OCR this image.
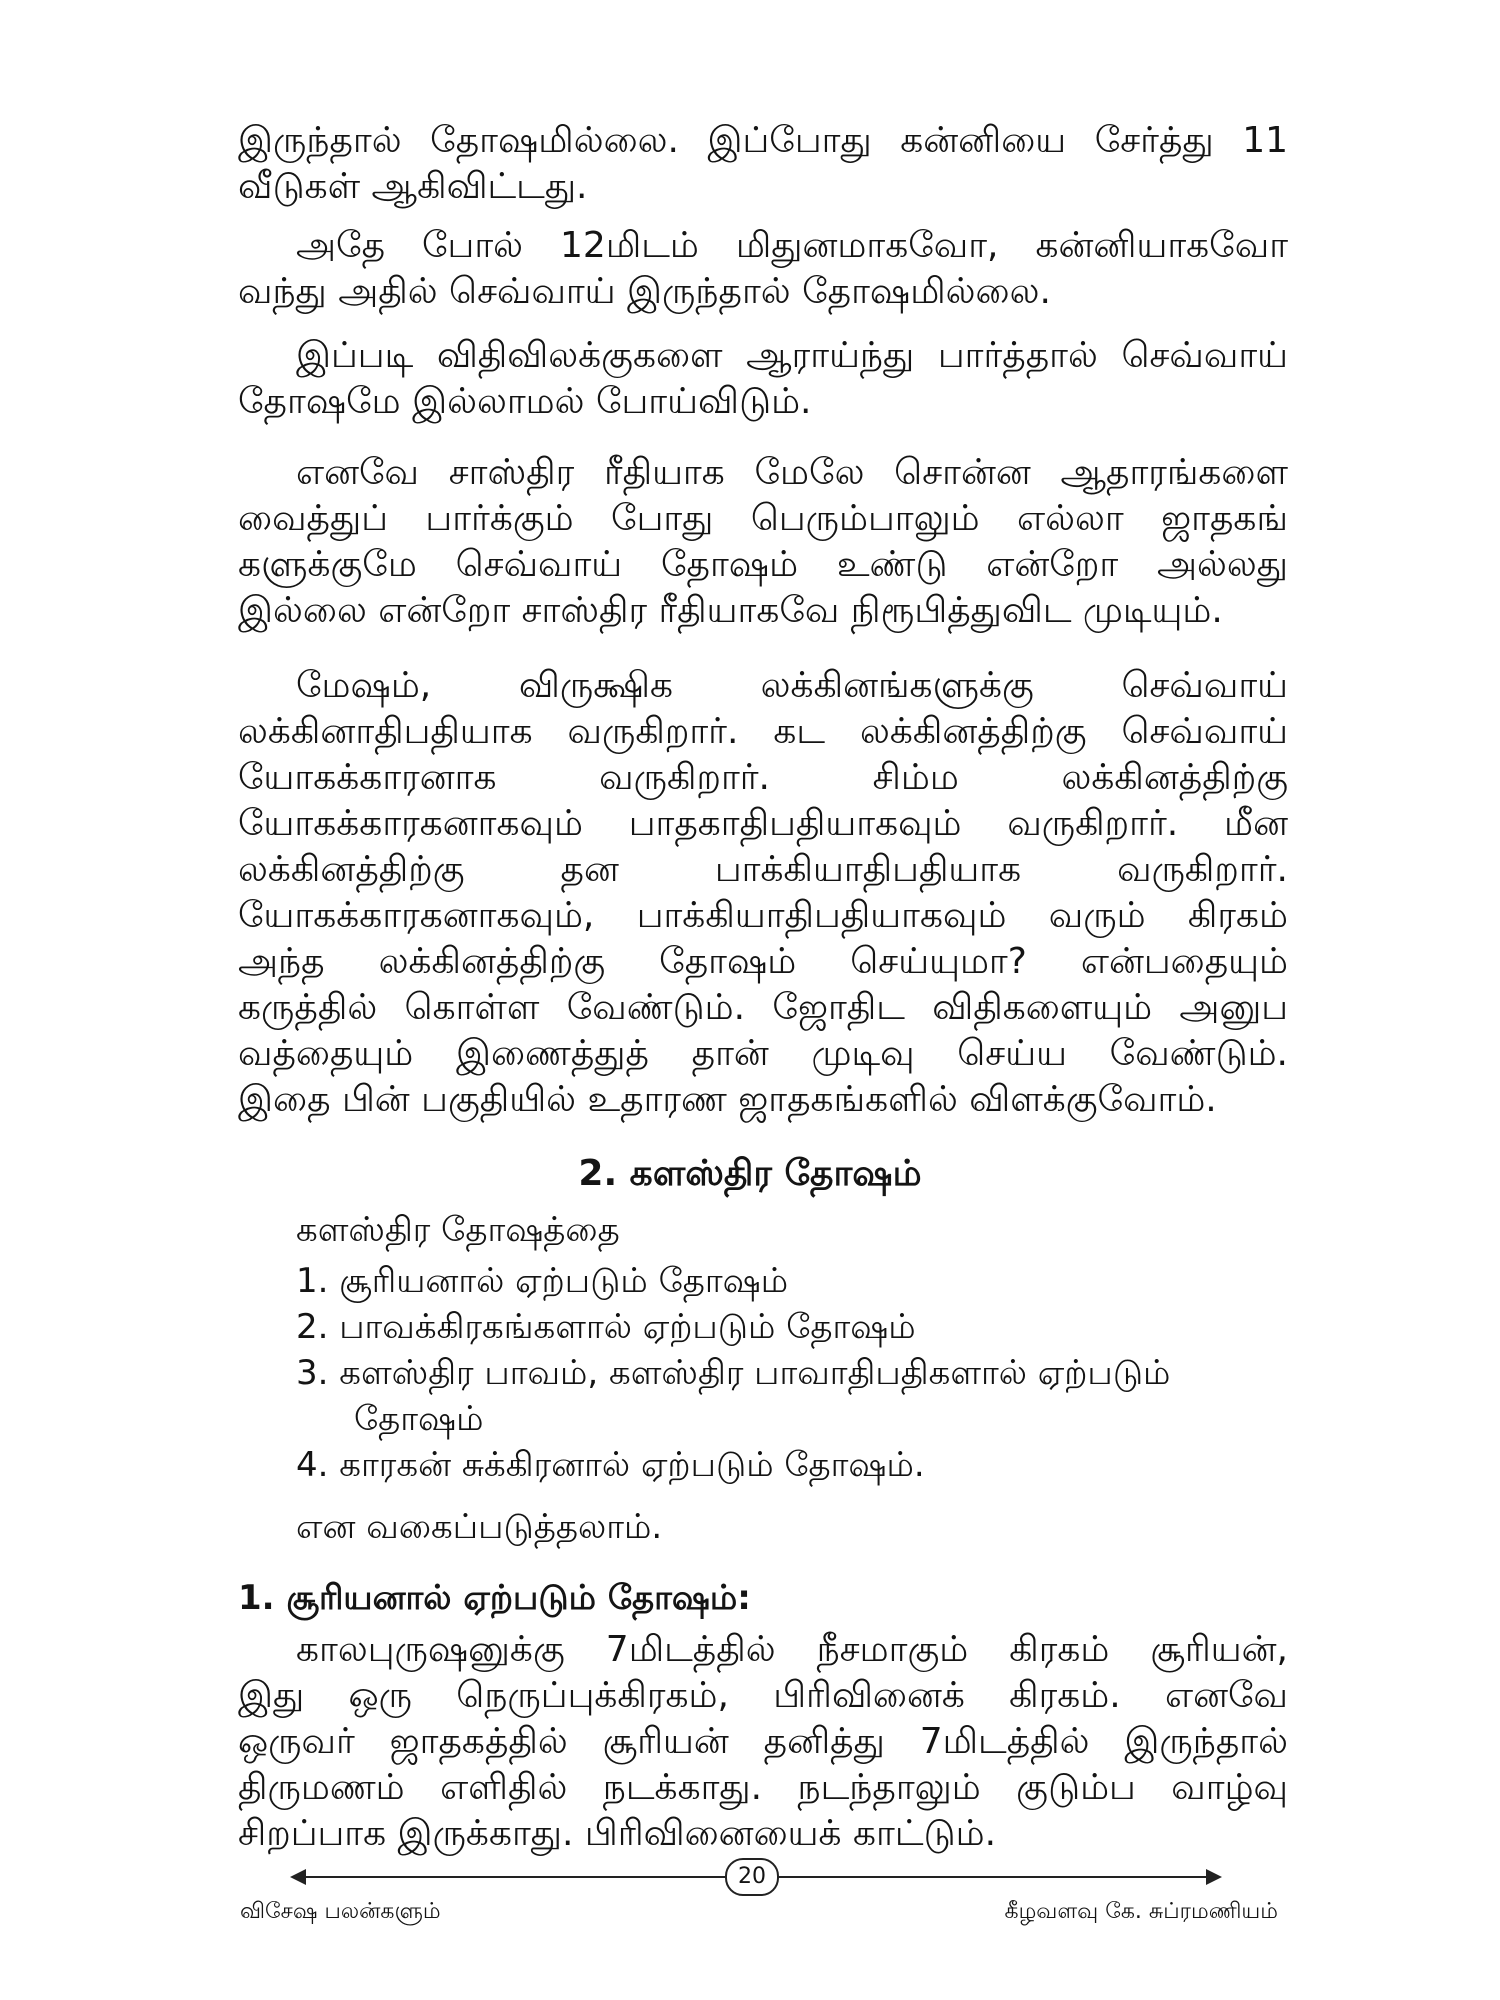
இருந்தால் தோஷமில்லை. இப்போது கன்னியை சேர்த்து 11
வீடுகள் ஆகிவிட்டது.
அதே போல் 12மிடம் மிதுனமாகவோ, கன்னியாகவோ
வந்து அதில் செவ்வாய் இருந்தால் தோஷமில்லை.
இப்படி விதிவிலக்குகளை ஆராய்ந்து பார்த்தால் செவ்வாய்
தோஷமே இல்லாமல் போய்விடும்.
எனவே சாஸ்திர ரீதியாக மேலே சொன்ன ஆதாரங்களை
வைத்துப் பார்க்கும் போது பெரும்பாலும் எல்லா ஜாதகங்
களுக்குமே செவ்வாய் தோஷம் உண்டு என்றோ அல்லது
இல்லை என்றோ சாஸ்திர ரீதியாகவே நிரூபித்துவிட முடியும்.
மேஷம், விருக்ஷிக லக்கினங்களுக்கு செவ்வாய்
லக்கினாதிபதியாக வருகிறார். கட லக்கினத்திற்கு செவ்வாய்
யோகக்காரனாக வருகிறார். சிம்ம லக்கினத்திற்கு
யோகக்காரகனாகவும் பாதகாதிபதியாகவும் வருகிறார். மீன
லக்கினத்திற்கு தன பாக்கியாதிபதியாக வருகிறார்.
யோகக்காரகனாகவும், பாக்கியாதிபதியாகவும் வரும் கிரகம்
அந்த லக்கினத்திற்கு தோஷம் செய்யுமா? என்பதையும்
கருத்தில் கொள்ள வேண்டும். ஜோதிட விதிகளையும் அனுப
வத்தையும் இணைத்துத் தான் முடிவு செய்ய வேண்டும்.
இதை பின் பகுதியில் உதாரண ஜாதகங்களில் விளக்குவோம்.
2. களஸ்திர தோஷம்
களஸ்திர தோஷத்தை
1. சூரியனால் ஏற்படும் தோஷம்
2. பாவக்கிரகங்களால் ஏற்படும் தோஷம்
3. களஸ்திர பாவம், களஸ்திர பாவாதிபதிகளால் ஏற்படும்
தோஷம்
4. காரகன் சுக்கிரனால் ஏற்படும் தோஷம்.
என வகைப்படுத்தலாம்.
1. சூரியனால் ஏற்படும் தோஷம்:
காலபுருஷனுக்கு 7மிடத்தில் நீசமாகும் கிரகம் சூரியன்,
இது ஒரு நெருப்புக்கிரகம், பிரிவினைக் கிரகம். எனவே
ஒருவர் ஜாதகத்தில் சூரியன் தனித்து 7மிடத்தில் இருந்தால்
திருமணம் எளிதில் நடக்காது. நடந்தாலும் குடும்ப வாழ்வு
சிறப்பாக இருக்காது. பிரிவினையைக் காட்டும்.
20
விசேஷ பலன்களும்	கீழவளவு கே. சுப்ரமணியம்
